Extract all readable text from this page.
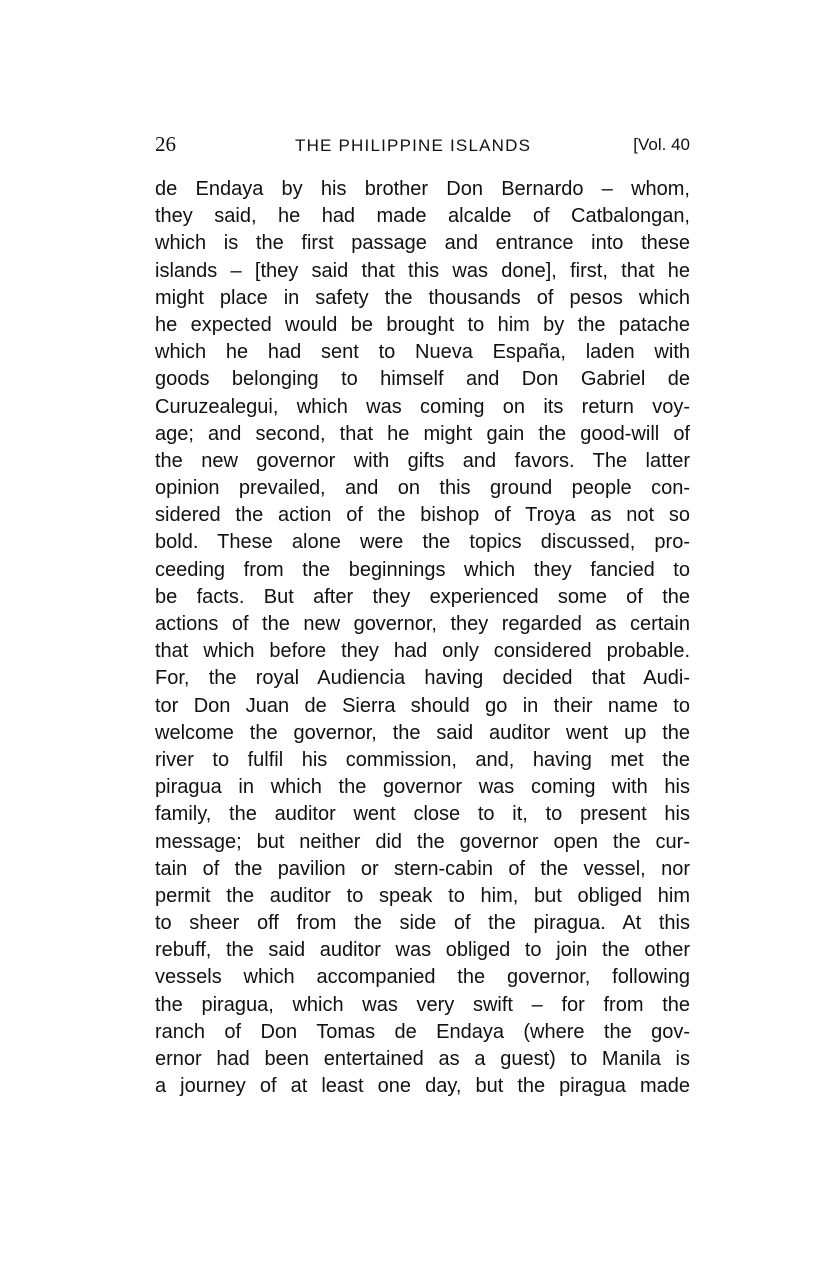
26	THE PHILIPPINE ISLANDS	[Vol. 40
de Endaya by his brother Don Bernardo – whom,
they said, he had made alcalde of Catbalongan,
which is the first passage and entrance into these
islands – [they said that this was done], first, that he
might place in safety the thousands of pesos which
he expected would be brought to him by the patache
which he had sent to Nueva España, laden with
goods belonging to himself and Don Gabriel de
Curuzealegui, which was coming on its return voy-
age; and second, that he might gain the good-will of
the new governor with gifts and favors. The latter
opinion prevailed, and on this ground people con-
sidered the action of the bishop of Troya as not so
bold. These alone were the topics discussed, pro-
ceeding from the beginnings which they fancied to
be facts. But after they experienced some of the
actions of the new governor, they regarded as certain
that which before they had only considered probable.
For, the royal Audiencia having decided that Audi-
tor Don Juan de Sierra should go in their name to
welcome the governor, the said auditor went up the
river to fulfil his commission, and, having met the
piragua in which the governor was coming with his
family, the auditor went close to it, to present his
message; but neither did the governor open the cur-
tain of the pavilion or stern-cabin of the vessel, nor
permit the auditor to speak to him, but obliged him
to sheer off from the side of the piragua. At this
rebuff, the said auditor was obliged to join the other
vessels which accompanied the governor, following
the piragua, which was very swift – for from the
ranch of Don Tomas de Endaya (where the gov-
ernor had been entertained as a guest) to Manila is
a journey of at least one day, but the piragua made
